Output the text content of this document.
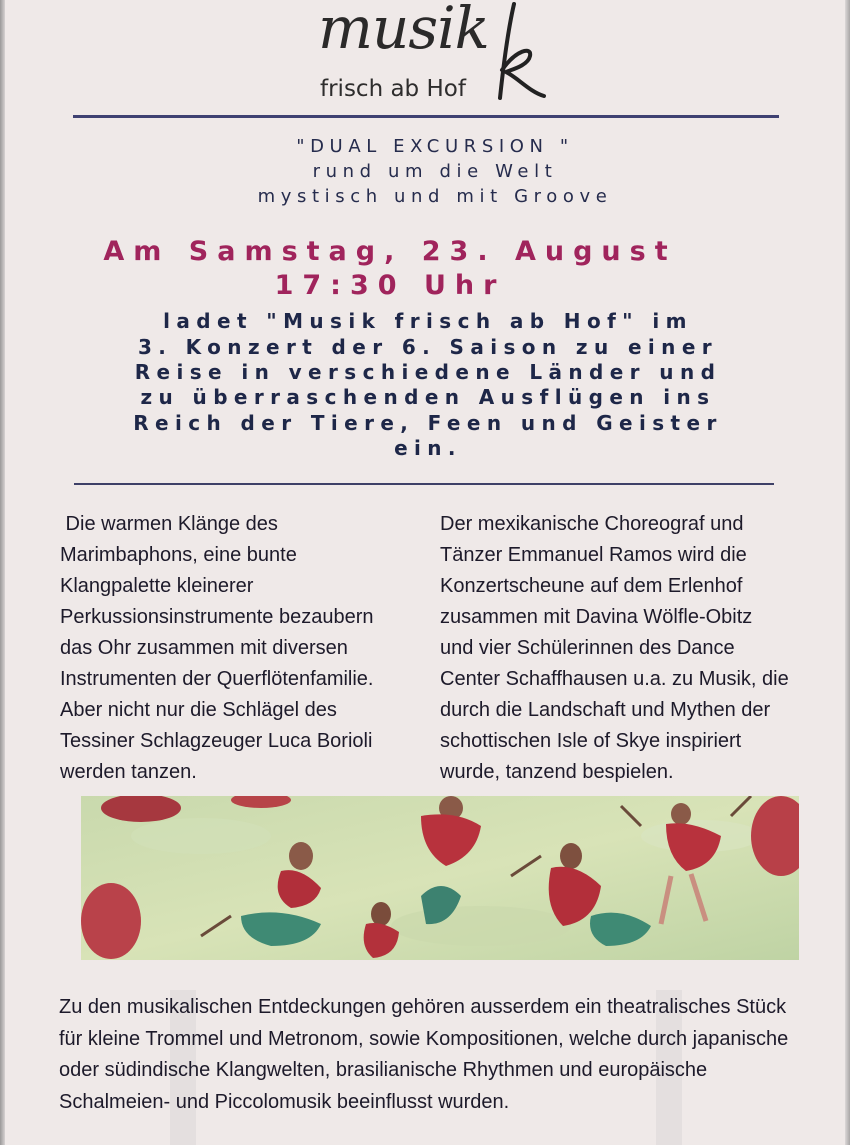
musik
frisch ab Hof
"DUAL EXCURSION "
rund um die Welt
mystisch und mit Groove
Am Samstag, 23. August
17:30 Uhr
ladet "Musik frisch ab Hof" im
3. Konzert der 6. Saison zu einer
Reise in verschiedene Länder und
zu überraschenden Ausflügen ins
Reich der Tiere, Feen und Geister
ein.
Die warmen Klänge des
Marimbaphons, eine bunte
Klangpalette kleinerer
Perkussionsinstrumente bezaubern
das Ohr zusammen mit diversen
Instrumenten der Querflötenfamilie.
Aber nicht nur die Schlägel des
Tessiner Schlagzeuger Luca Borioli
werden tanzen.
Der mexikanische Choreograf und
Tänzer Emmanuel Ramos wird die
Konzertscheune auf dem Erlenhof
zusammen mit Davina Wölfle-Obitz
und vier Schülerinnen des Dance
Center Schaffhausen u.a. zu Musik, die
durch die Landschaft und Mythen der
schottischen Isle of Skye inspiriert
wurde, tanzend bespielen.
Zu den musikalischen Entdeckungen gehören ausserdem ein theatralisches Stück
für kleine Trommel und Metronom, sowie Kompositionen, welche durch japanische
oder südindische Klangwelten, brasilianische Rhythmen und europäische
Schalmeien- und Piccolomusik beeinflusst wurden.
